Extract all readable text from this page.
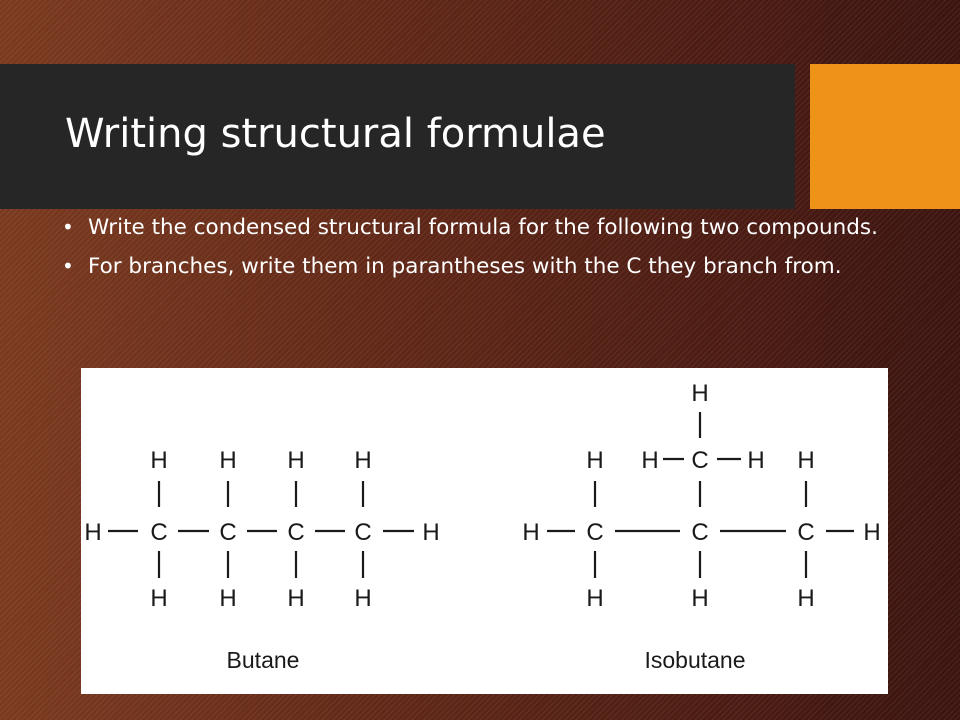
Writing structural formulae
• Write the condensed structural formula for the following two compounds.
• For branches, write them in parantheses with the C they branch from.
H H H H
H C C C C H
H H H H
Butane
H
H H C H H
H C	C	C H
H	H	H
Isobutane
